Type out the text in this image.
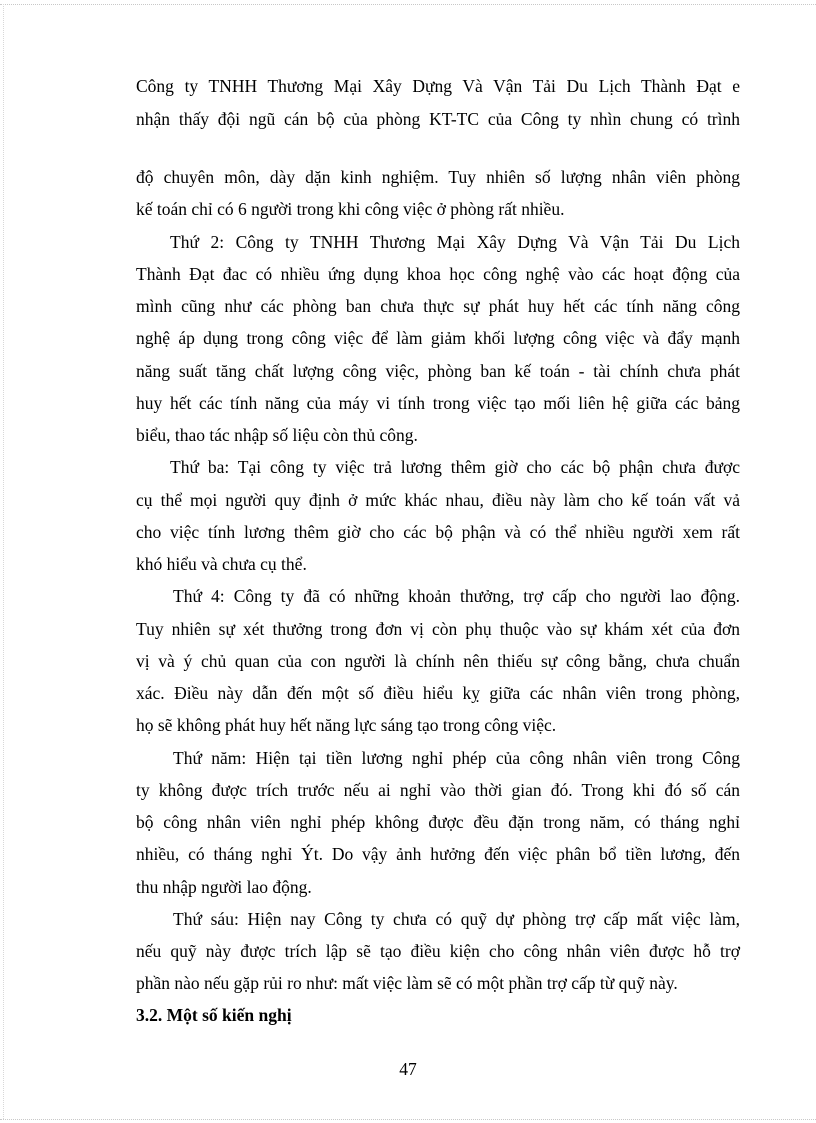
Công ty TNHH Thương Mại Xây Dựng Và Vận Tải Du Lịch Thành Đạt e
nhận thấy đội ngũ cán bộ của phòng KT-TC của Công ty nhìn chung có trình
độ chuyên môn, dày dặn kinh nghiệm. Tuy nhiên số lượng nhân viên phòng
kế toán chỉ có 6 người trong khi công việc ở phòng rất nhiều.
Thứ 2: Công ty TNHH Thương Mại Xây Dựng Và Vận Tải Du Lịch
Thành Đạt đac có nhiều ứng dụng khoa học công nghệ vào các hoạt động của
mình cũng như các phòng ban chưa thực sự phát huy hết các tính năng công
nghệ áp dụng trong công việc để làm giảm khối lượng công việc và đẩy mạnh
năng suất tăng chất lượng công việc, phòng ban kế toán - tài chính chưa phát
huy hết các tính năng của máy vi tính trong việc tạo mối liên hệ giữa các bảng
biểu, thao tác nhập số liệu còn thủ công.
Thứ ba: Tại công ty việc trả lương thêm giờ cho các bộ phận chưa được
cụ thể mọi người quy định ở mức khác nhau, điều này làm cho kế toán vất vả
cho việc tính lương thêm giờ cho các bộ phận và có thể nhiều người xem rất
khó hiểu và chưa cụ thể.
Thứ 4: Công ty đã có những khoản thưởng, trợ cấp cho người lao động.
Tuy nhiên sự xét thưởng trong đơn vị còn phụ thuộc vào sự khám xét của đơn
vị và ý chủ quan của con người là chính nên thiếu sự công bằng, chưa chuẩn
xác. Điều này dẫn đến một số điều hiểu kỵ giữa các nhân viên trong phòng,
họ sẽ không phát huy hết năng lực sáng tạo trong công việc.
Thứ năm: Hiện tại tiền lương nghỉ phép của công nhân viên trong Công
ty không được trích trước nếu ai nghỉ vào thời gian đó. Trong khi đó số cán
bộ công nhân viên nghỉ phép không được đều đặn trong năm, có tháng nghỉ
nhiều, có tháng nghỉ Ýt. Do vậy ảnh hưởng đến việc phân bổ tiền lương, đến
thu nhập người lao động.
Thứ sáu: Hiện nay Công ty chưa có quỹ dự phòng trợ cấp mất việc làm,
nếu quỹ này được trích lập sẽ tạo điều kiện cho công nhân viên được hỗ trợ
phần nào nếu gặp rủi ro như: mất việc làm sẽ có một phần trợ cấp từ quỹ này.
3.2. Một số kiến nghị
47
